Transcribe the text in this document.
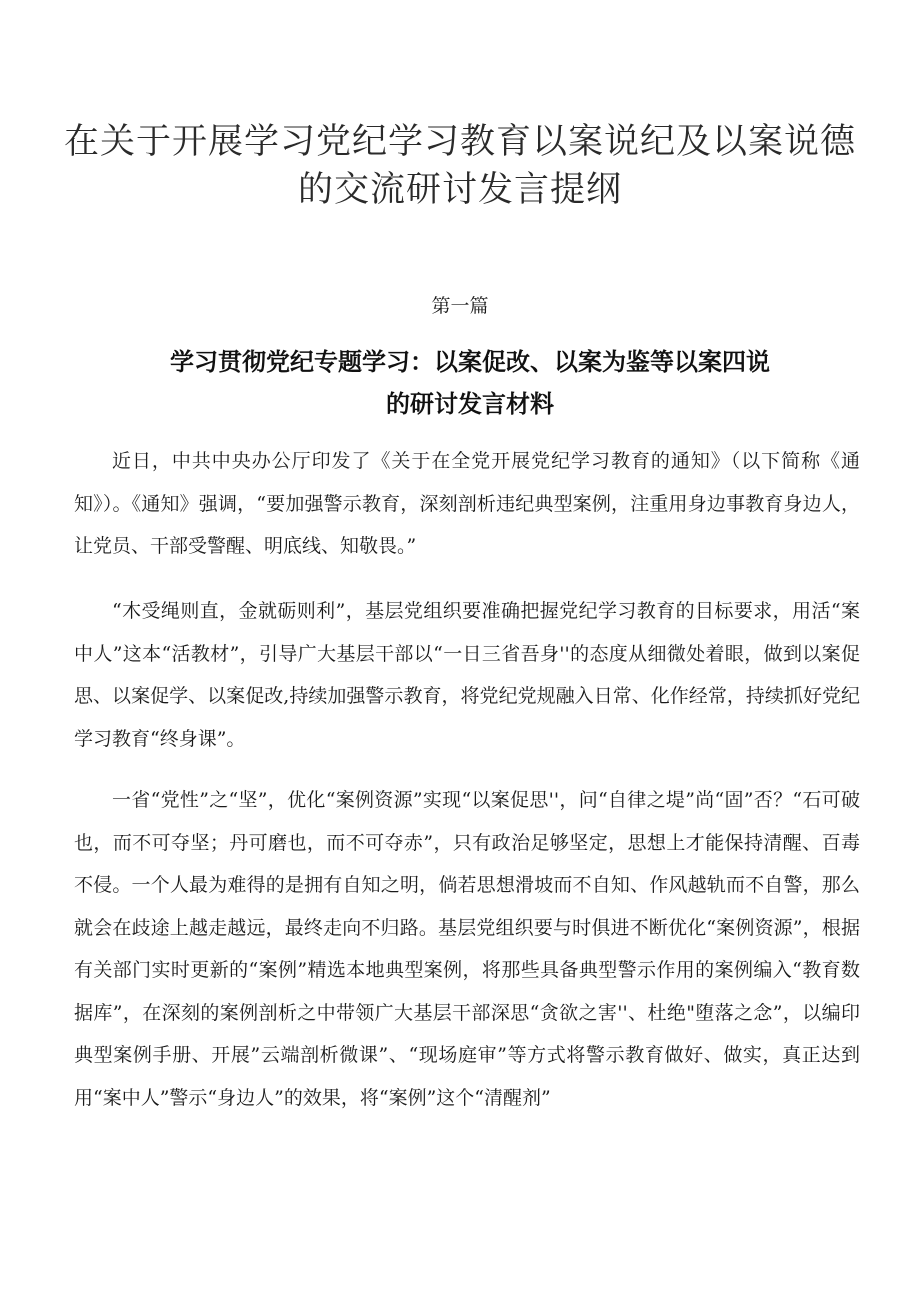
在关于开展学习党纪学习教育以案说纪及以案说德
的交流研讨发言提纲
第一篇
学习贯彻党纪专题学习：以案促改、以案为鉴等以案四说
的研讨发言材料

近日，中共中央办公厅印发了《关于在全党开展党纪学习教育的通知》（以下简称《通知》）。《通知》强调，“要加强警示教育，深刻剖析违纪典型案例，注重用身边事教育身边人，让党员、干部受警醒、明底线、知敬畏。”

“木受绳则直，金就砺则利”，基层党组织要准确把握党纪学习教育的目标要求，用活“案中人”这本“活教材”，引导广大基层干部以“一日三省吾身''的态度从细微处着眼，做到以案促思、以案促学、以案促改,持续加强警示教育，将党纪党规融入日常、化作经常，持续抓好党纪学习教育“终身课”。

一省“党性”之“坚”，优化“案例资源”实现“以案促思''，问“自律之堤”尚“固”否？“石可破也，而不可夺坚；丹可磨也，而不可夺赤”，只有政治足够坚定，思想上才能保持清醒、百毒不侵。一个人最为难得的是拥有自知之明，倘若思想滑坡而不自知、作风越轨而不自警，那么就会在歧途上越走越远，最终走向不归路。基层党组织要与时俱进不断优化“案例资源”，根据有关部门实时更新的“案例”精选本地典型案例，将那些具备典型警示作用的案例编入“教育数据库”，在深刻的案例剖析之中带领广大基层干部深思“贪欲之害''、杜绝"堕落之念”，以编印典型案例手册、开展”云端剖析微课”、“现场庭审”等方式将警示教育做好、做实，真正达到用“案中人”警示“身边人”的效果，将“案例”这个“清醒剂”
